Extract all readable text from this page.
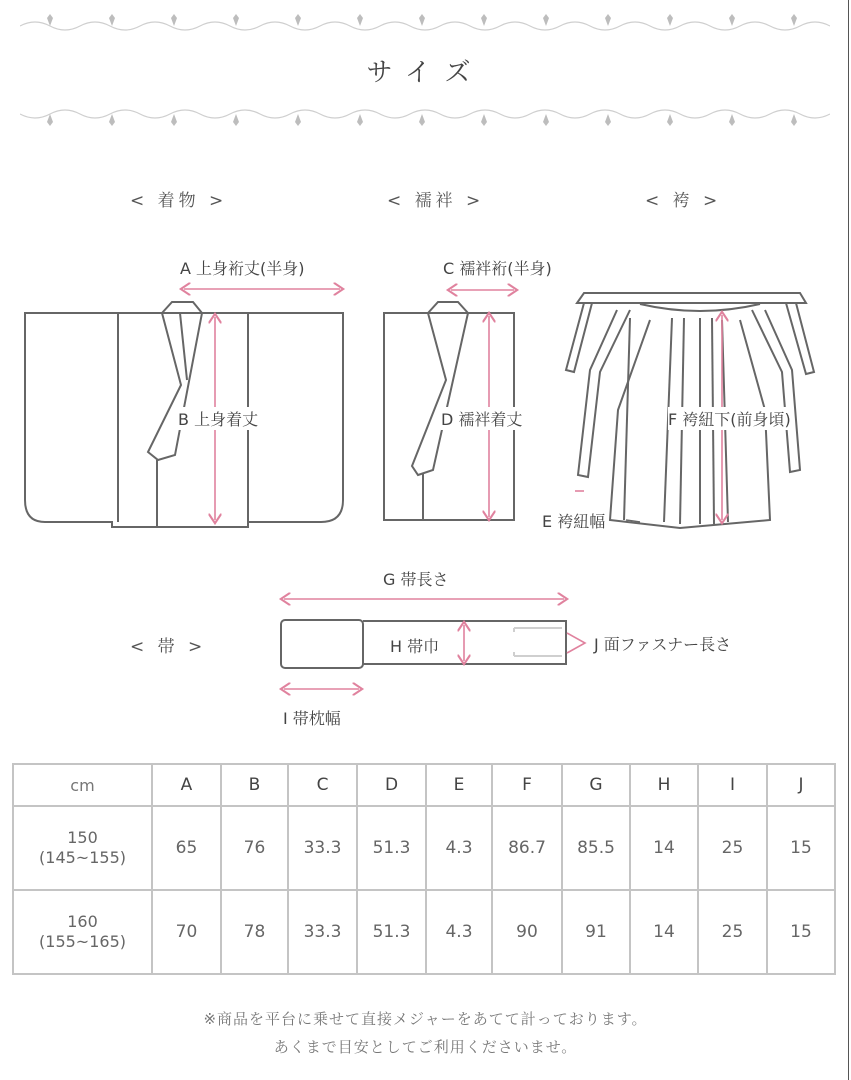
サイズ
< 着物 >	< 襦袢 >	< 袴 >
< 帯 >
A 上身裄丈(半身)
B 上身着丈
C 襦袢裄(半身)
D 襦袢着丈
E 袴紐幅
F 袴紐下(前身頃)
G 帯長さ
H 帯巾
I 帯枕幅
J 面ファスナー長さ
cm	A	B	C	D	E	F	G	H	I	J

150
(145~155)	65	76	33.3	51.3	4.3	86.7	85.5	14	25	15

160
(155~165)	70	78	33.3	51.3	4.3	90	91	14	25	15
※商品を平台に乗せて直接メジャーをあてて計っております。
あくまで目安としてご利用くださいませ。
